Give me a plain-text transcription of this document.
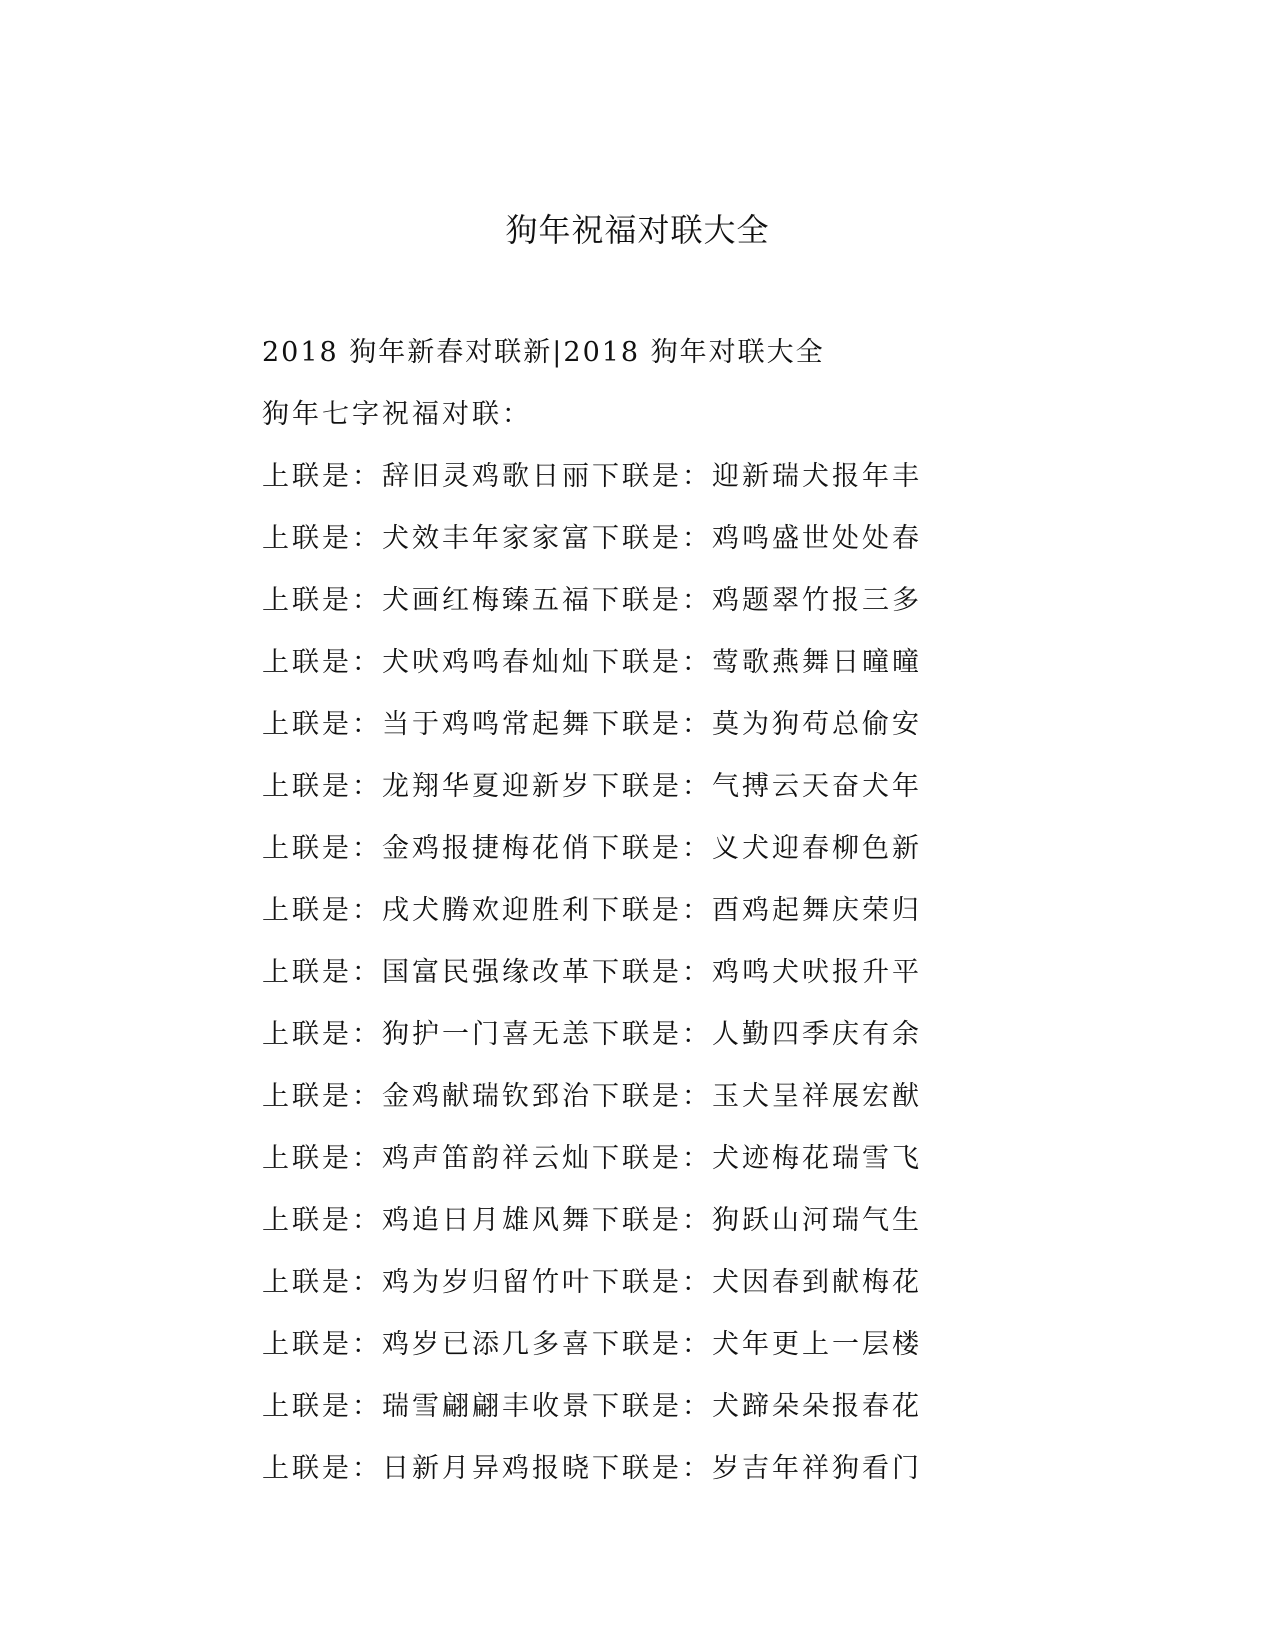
狗年祝福对联大全
2018 狗年新春对联新|2018 狗年对联大全
狗年七字祝福对联：
上联是：辞旧灵鸡歌日丽下联是：迎新瑞犬报年丰
上联是：犬效丰年家家富下联是：鸡鸣盛世处处春
上联是：犬画红梅臻五福下联是：鸡题翠竹报三多
上联是：犬吠鸡鸣春灿灿下联是：莺歌燕舞日曈曈
上联是：当于鸡鸣常起舞下联是：莫为狗苟总偷安
上联是：龙翔华夏迎新岁下联是：气搏云天奋犬年
上联是：金鸡报捷梅花俏下联是：义犬迎春柳色新
上联是：戌犬腾欢迎胜利下联是：酉鸡起舞庆荣归
上联是：国富民强缘改革下联是：鸡鸣犬吠报升平
上联是：狗护一门喜无恙下联是：人勤四季庆有余
上联是：金鸡献瑞钦郅治下联是：玉犬呈祥展宏猷
上联是：鸡声笛韵祥云灿下联是：犬迹梅花瑞雪飞
上联是：鸡追日月雄风舞下联是：狗跃山河瑞气生
上联是：鸡为岁归留竹叶下联是：犬因春到献梅花
上联是：鸡岁已添几多喜下联是：犬年更上一层楼
上联是：瑞雪翩翩丰收景下联是：犬蹄朵朵报春花
上联是：日新月异鸡报晓下联是：岁吉年祥狗看门
